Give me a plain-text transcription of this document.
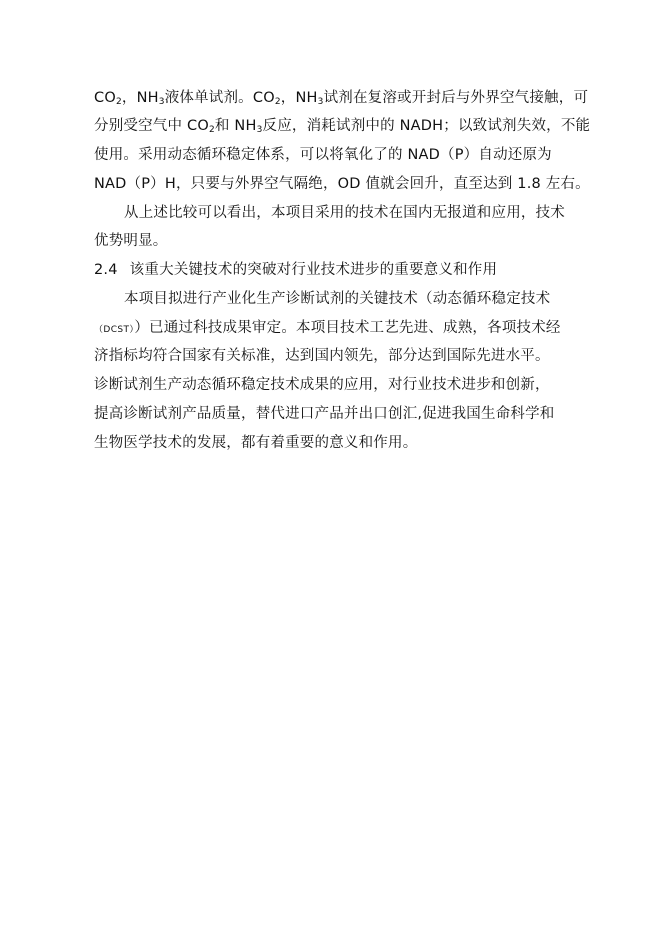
$CO_2$，$NH_3$液体单试剂。$CO_2$，$NH_3$试剂在复溶或开封后与外界空气接触，可
分别受空气中 $CO_2$和 $NH_3$反应，消耗试剂中的 NADH；以致试剂失效，不能
使用。采用动态循环稳定体系，可以将氧化了的 NAD（P）自动还原为
NAD（P）H，只要与外界空气隔绝，OD 值就会回升，直至达到 1.8 左右。
从上述比较可以看出，本项目采用的技术在国内无报道和应用，技术
优势明显。
2.4 该重大关键技术的突破对行业技术进步的重要意义和作用
本项目拟进行产业化生产诊断试剂的关键技术（动态循环稳定技术
（DCST））已通过科技成果审定。本项目技术工艺先进、成熟，各项技术经
济指标均符合国家有关标准，达到国内领先，部分达到国际先进水平。
诊断试剂生产动态循环稳定技术成果的应用，对行业技术进步和创新，
提高诊断试剂产品质量，替代进口产品并出口创汇,促进我国生命科学和
生物医学技术的发展，都有着重要的意义和作用。
